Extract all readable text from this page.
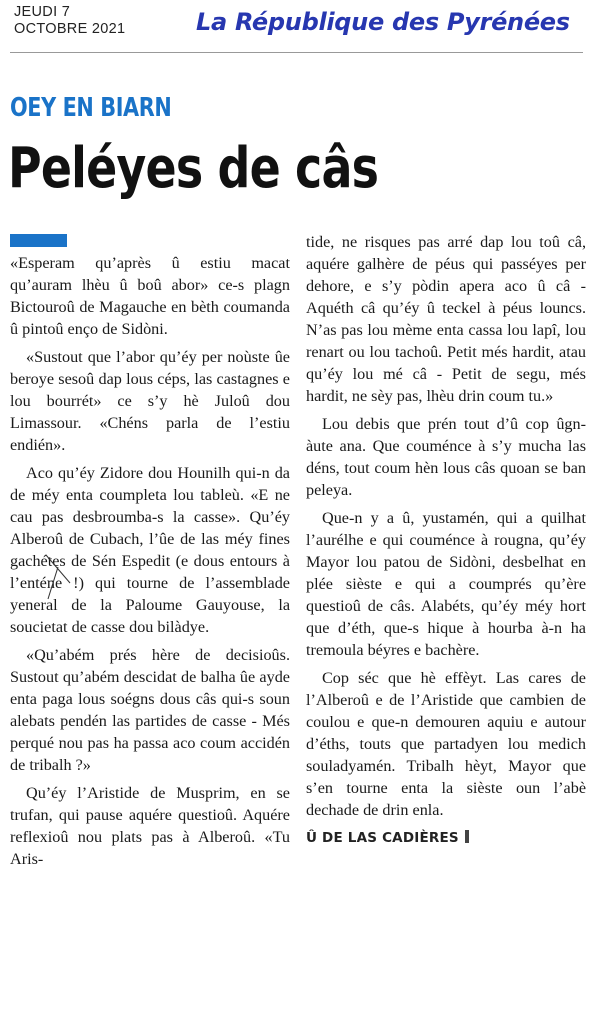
JEUDI 7
OCTOBRE 2021	La République des Pyrénées
OEY EN BIARN
Peléyes de câs

«Esperam qu’après û estiu macat qu’auram lhèu û boû abor» ce-s plagn Bictouroû de Magauche en bèth coumanda û pintoû enço de Sidòni.

«Sustout que l’abor qu’éy per noùste ûe beroye sesoû dap lous céps, las castagnes e lou bourrét» ce s’y hè Juloû dou Limassour. «Chéns parla de l’estiu endién».

Aco qu’éy Zidore dou Hounilh qui-n da de méy enta coumpleta lou tableù. «E ne cau pas desbroumba-s la casse». Qu’éy Alberoû de Cubach, l’ûe de las méy fines gachétes de Sén Espedit (e dous entours à l’enténe !) qui tourne de l’assemblade yeneral de la Paloume Gauyouse, la soucietat de casse dou bilàdye.

«Qu’abém prés hère de decisioûs. Sustout qu’abém descidat de balha ûe ayde enta paga lous soégns dous câs qui-s soun alebats pendén las partides de casse - Més perqué nou pas ha passa aco coum accidén de tribalh ?»

Qu’éy l’Aristide de Musprim, en se trufan, qui pause aquére questioû. Aquére reflexioû nou plats pas à Alberoû. «Tu Aris-

tide, ne risques pas arré dap lou toû câ, aquére galhère de péus qui passéyes per dehore, e s’y pòdin apera aco û câ - Aquéth câ qu’éy û teckel à péus louncs. N’as pas lou mème enta cassa lou lapî, lou renart ou lou tachoû. Petit més hardit, atau qu’éy lou mé câ - Petit de segu, més hardit, ne sèy pas, lhèu drin coum tu.»

Lou debis que prén tout d’û cop ûgn-àute ana. Que couménce à s’y mucha las déns, tout coum hèn lous câs quoan se ban peleya.

Que-n y a û, yustamén, qui a quilhat l’aurélhe e qui couménce à rougna, qu’éy Mayor lou patou de Sidòni, desbelhat en plée sièste e qui a coumprés qu’ère questioû de câs. Alabéts, qu’éy méy hort que d’éth, que-s hique à hourba à-n ha tremoula béyres e bachère.

Cop séc que hè effèyt. Las cares de l’Alberoû e de l’Aristide que cambien de coulou e que-n demouren aquiu e autour d’éths, touts que partadyen lou medich souladyamén. Tribalh hèyt, Mayor que s’en tourne enta la sièste oun l’abè dechade de drin enla.

Û DE LAS CADIÈRES
